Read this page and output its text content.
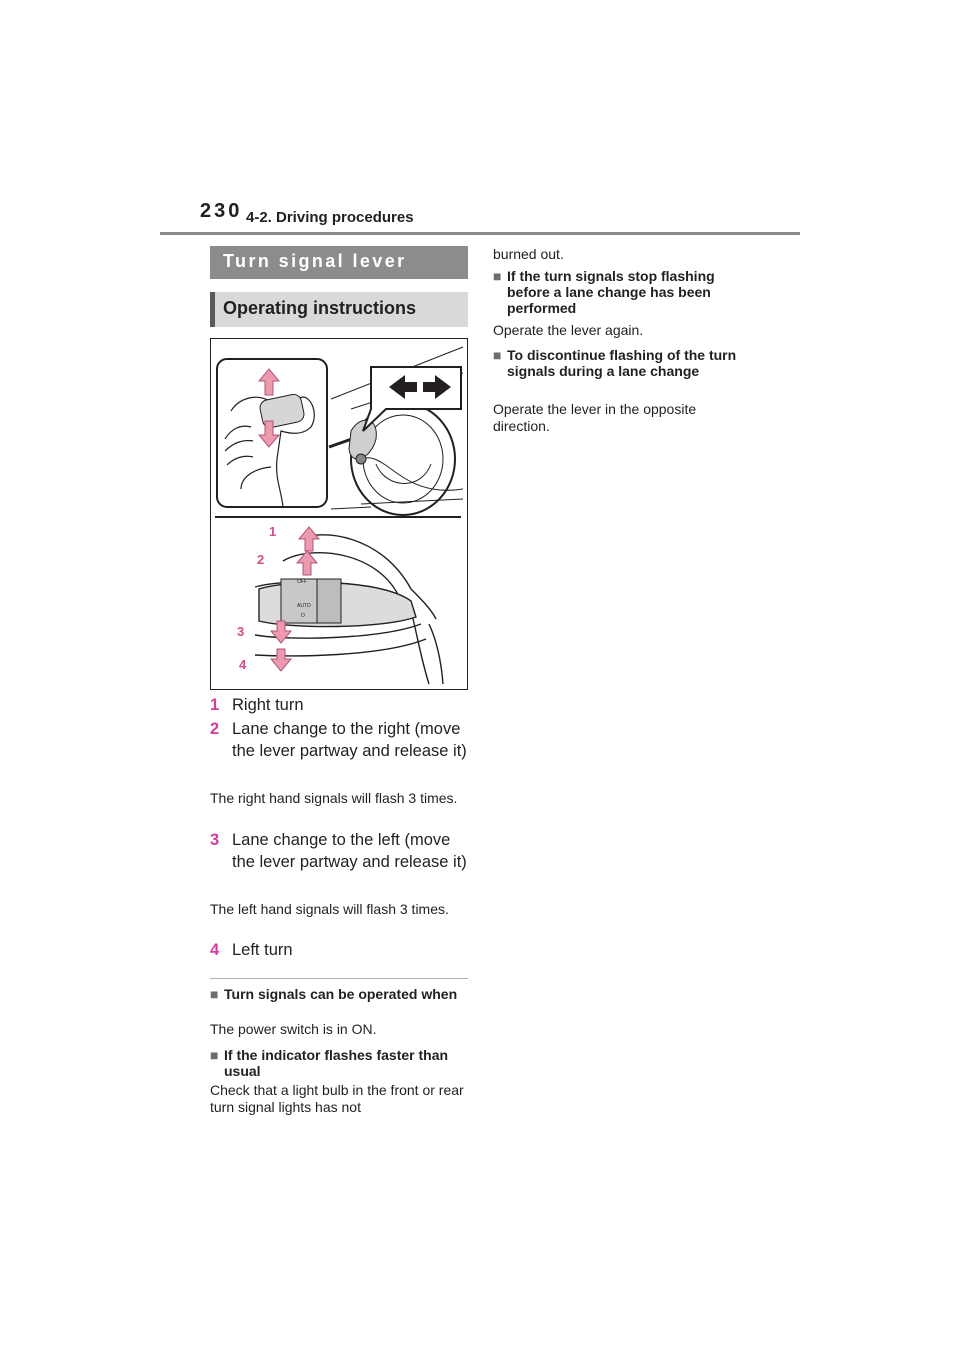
230 4-2. Driving procedures
Turn signal lever
Operating instructions
OFF
AUTO
O
1
2
3
4
1 Right turn
2 Lane change to the right (move the lever partway and release it)
The right hand signals will flash 3 times.
3 Lane change to the left (move the lever partway and release it)
The left hand signals will flash 3 times.
4 Left turn
■ Turn signals can be operated when
The power switch is in ON.
■ If the indicator flashes faster than usual
Check that a light bulb in the front or rear turn signal lights has not
burned out.
■ If the turn signals stop flashing before a lane change has been performed
Operate the lever again.
■ To discontinue flashing of the turn signals during a lane change
Operate the lever in the opposite direction.
